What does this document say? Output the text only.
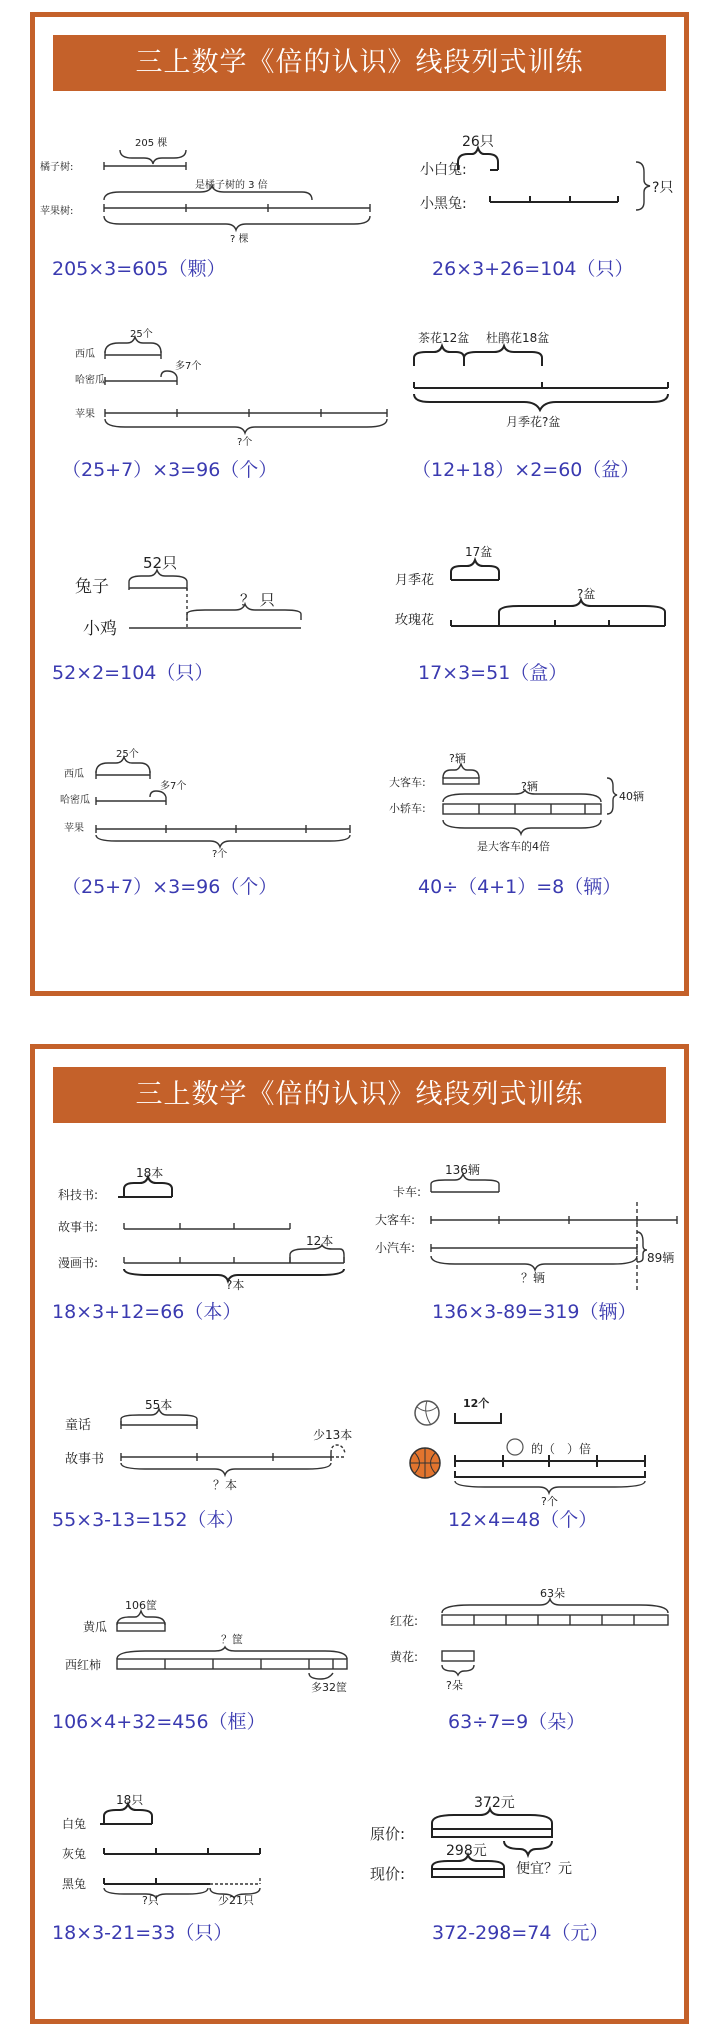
三上数学《倍的认识》线段列式训练
205 棵
橘子树:
是橘子树的 3 倍
苹果树:
? 棵
205×3=605（颗）
26只
小白兔:
小黑兔:
?只
26×3+26=104（只）
25个
西瓜
多7个
哈密瓜
苹果
?个
（25+7）×3=96（个）
茶花12盆 杜鹃花18盆
月季花?盆
（12+18）×2=60（盆）
52只
兔子
？ 只
小鸡
52×2=104（只）
17盆
月季花
?盆
玫瑰花
17×3=51（盒）
25个
西瓜
多7个
哈密瓜
苹果
?个
（25+7）×3=96（个）
?辆
大客车:	?辆
小轿车:
40辆
是大客车的4倍
40÷（4+1）=8（辆）
三上数学《倍的认识》线段列式训练
18本
科技书:
故事书:
12本
漫画书:
?本
18×3+12=66（本）
136辆
卡车:
大客车:
小汽车:
89辆
？辆
136×3-89=319（辆）
55本
童话
少13本
故事书
？本
55×3-13=152（本）
12个
的（　）倍
?个
12×4=48（个）
106筐
黄瓜
？筐
西红柿
多32筐
106×4+32=456（框）
63朵
红花:
黄花:
?朵
63÷7=9（朵）
18只
白兔
灰兔
黑兔
?只	少21只
18×3-21=33（只）
372元
原价:
298元
现价:	便宜？元
372-298=74（元）
